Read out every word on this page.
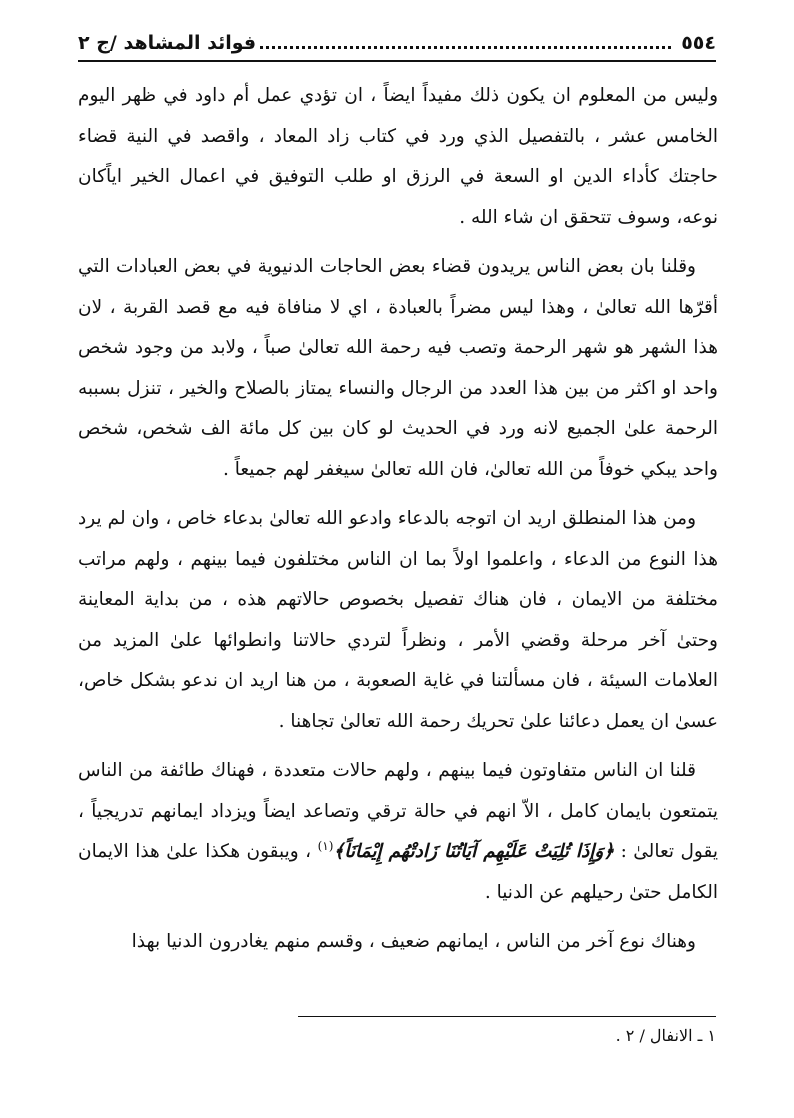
٥٥٤
فوائد المشاهد /ج ٢

وليس من المعلوم ان يكون ذلك مفيداً ايضاً ، ان تؤدي عمل أم داود في ظهر اليوم الخامس عشر ، بالتفصيل الذي ورد في كتاب زاد المعاد ، واقصد في النية قضاء حاجتك كأداء الدين او السعة في الرزق او طلب التوفيق في اعمال الخير اياًكان نوعه، وسوف تتحقق ان شاء الله .

وقلنا بان بعض الناس يريدون قضاء بعض الحاجات الدنيوية في بعض العبادات التي أقرّها الله تعالىٰ ، وهذا ليس مضراً بالعبادة ، اي لا منافاة فيه مع قصد القربة ، لان هذا الشهر هو شهر الرحمة وتصب فيه رحمة الله تعالىٰ صباً ، ولابد من وجود شخص واحد او اكثر من بين هذا العدد من الرجال والنساء يمتاز بالصلاح والخير ، تنزل بسببه الرحمة علىٰ الجميع لانه ورد في الحديث لو كان بين كل مائة الف شخص، شخص واحد يبكي خوفاً من الله تعالىٰ، فان الله تعالىٰ سيغفر لهم جميعاً .

ومن هذا المنطلق اريد ان اتوجه بالدعاء وادعو الله تعالىٰ بدعاء خاص ، وان لم يرد هذا النوع من الدعاء ، واعلموا اولاً بما ان الناس مختلفون فيما بينهم ، ولهم مراتب مختلفة من الايمان ، فان هناك تفصيل بخصوص حالاتهم هذه ، من بداية المعاينة وحتىٰ آخر مرحلة وقضي الأمر ، ونظراً لتردي حالاتنا وانطوائها علىٰ المزيد من العلامات السيئة ، فان مسألتنا في غاية الصعوبة ، من هنا اريد ان ندعو بشكل خاص، عسىٰ ان يعمل دعائنا علىٰ تحريك رحمة الله تعالىٰ تجاهنا .

قلنا ان الناس متفاوتون فيما بينهم ، ولهم حالات متعددة ، فهناك طائفة من الناس يتمتعون بايمان كامل ، الاّ انهم في حالة ترقي وتصاعد ايضاً ويزداد ايمانهم تدريجياً ، يقول تعالىٰ : ﴿وَإِذَا تُلِيَتْ عَلَيْهِم آيَاتُنَا زَادتْهُم إِيْمَانَاً﴾$^{(١)}$ ، ويبقون هكذا علىٰ هذا الايمان الكامل حتىٰ رحيلهم عن الدنيا .

وهناك نوع آخر من الناس ، ايمانهم ضعيف ، وقسم منهم يغادرون الدنيا بهذا

١ ـ الانفال / ٢ .
